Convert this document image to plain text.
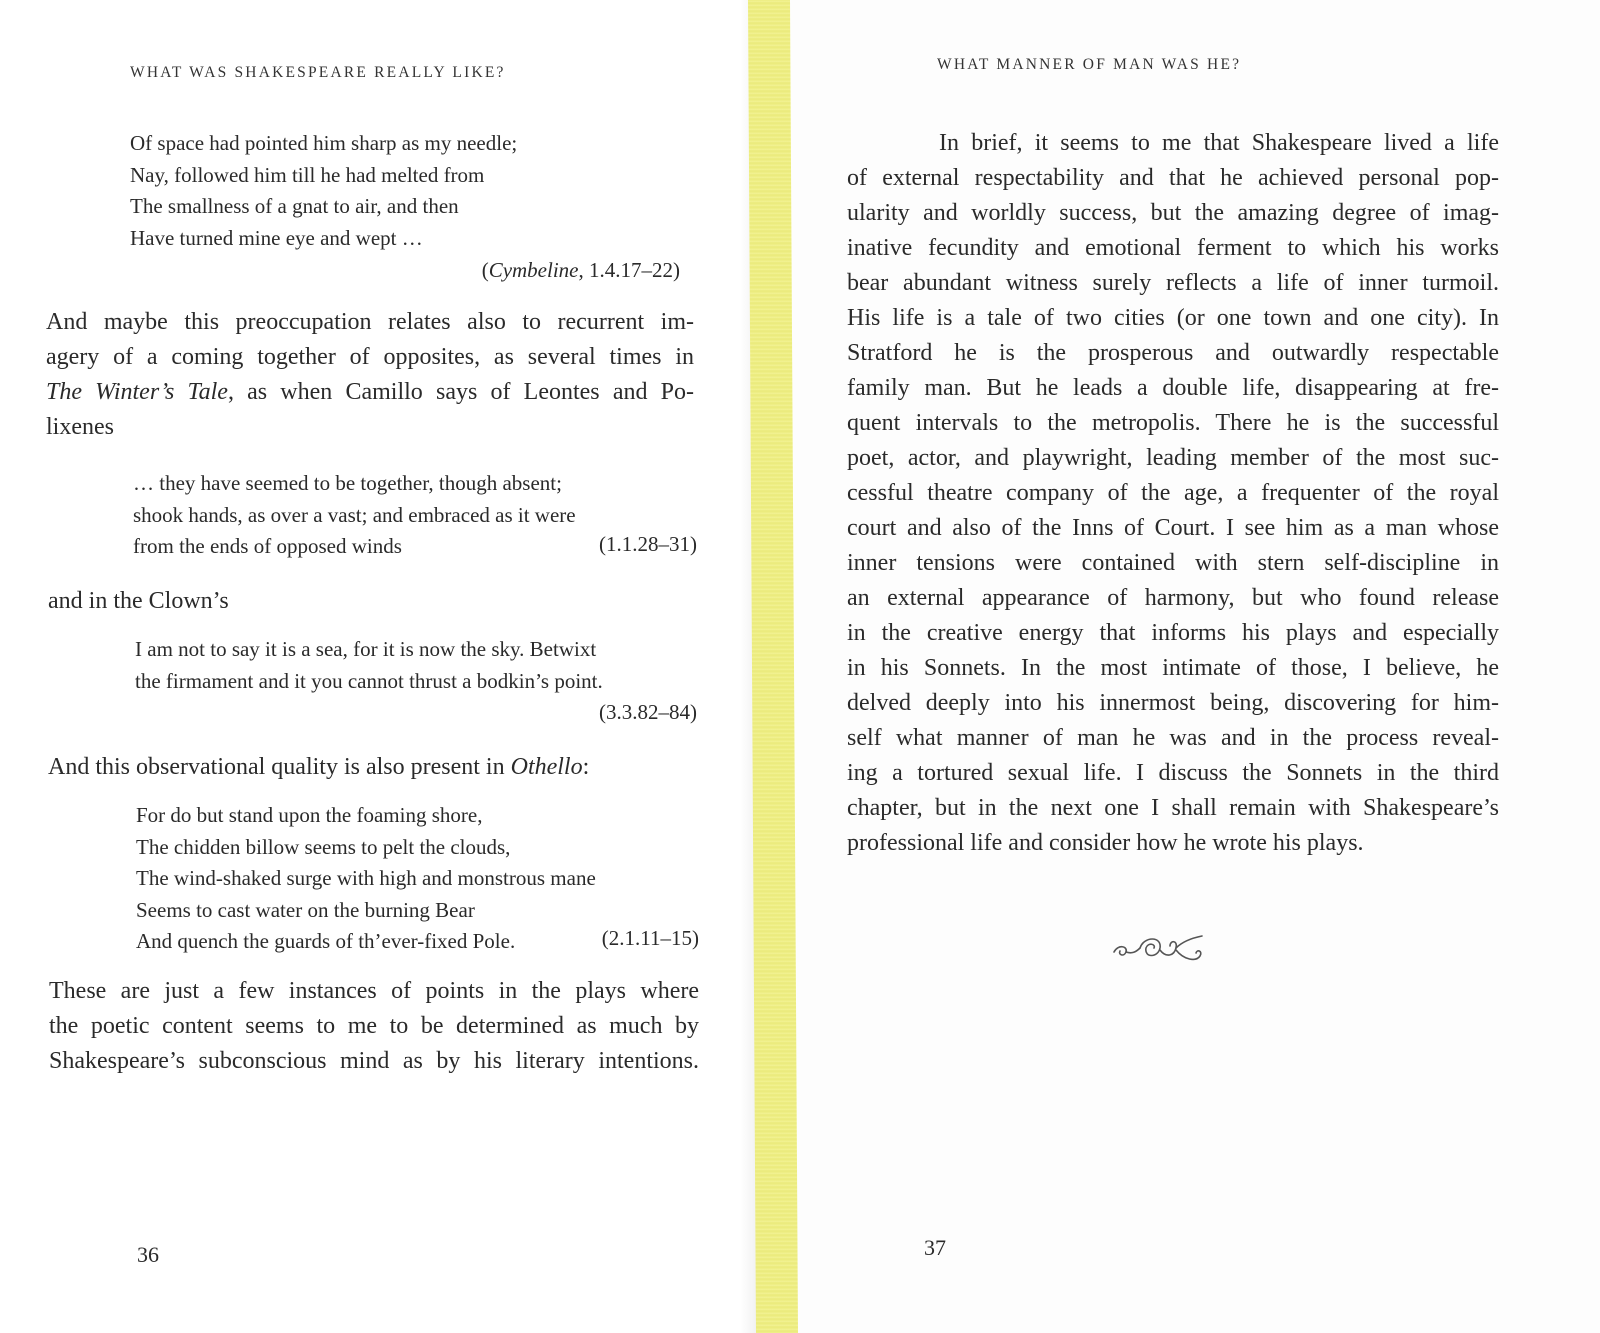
WHAT WAS SHAKESPEARE REALLY LIKE?
Of space had pointed him sharp as my needle;
Nay, followed him till he had melted from
The smallness of a gnat to air, and then
Have turned mine eye and wept …
(Cymbeline, 1.4.17–22)
And maybe this preoccupation relates also to recurrent im-
agery of a coming together of opposites, as several times in
The Winter’s Tale, as when Camillo says of Leontes and Po-
lixenes
… they have seemed to be together, though absent;
shook hands, as over a vast; and embraced as it were
from the ends of opposed winds	(1.1.28–31)
and in the Clown’s
I am not to say it is a sea, for it is now the sky. Betwixt
the firmament and it you cannot thrust a bodkin’s point.
(3.3.82–84)
And this observational quality is also present in Othello:
For do but stand upon the foaming shore,
The chidden billow seems to pelt the clouds,
The wind-shaked surge with high and monstrous mane
Seems to cast water on the burning Bear
And quench the guards of th’ever-fixed Pole.	(2.1.11–15)
These are just a few instances of points in the plays where
the poetic content seems to me to be determined as much by
Shakespeare’s subconscious mind as by his literary intentions.
36
WHAT MANNER OF MAN WAS HE?
In brief, it seems to me that Shakespeare lived a life
of external respectability and that he achieved personal pop-
ularity and worldly success, but the amazing degree of imag-
inative fecundity and emotional ferment to which his works
bear abundant witness surely reflects a life of inner turmoil.
His life is a tale of two cities (or one town and one city). In
Stratford he is the prosperous and outwardly respectable
family man. But he leads a double life, disappearing at fre-
quent intervals to the metropolis. There he is the successful
poet, actor, and playwright, leading member of the most suc-
cessful theatre company of the age, a frequenter of the royal
court and also of the Inns of Court. I see him as a man whose
inner tensions were contained with stern self-discipline in
an external appearance of harmony, but who found release
in the creative energy that informs his plays and especially
in his Sonnets. In the most intimate of those, I believe, he
delved deeply into his innermost being, discovering for him-
self what manner of man he was and in the process reveal-
ing a tortured sexual life. I discuss the Sonnets in the third
chapter, but in the next one I shall remain with Shakespeare’s
professional life and consider how he wrote his plays.
37
